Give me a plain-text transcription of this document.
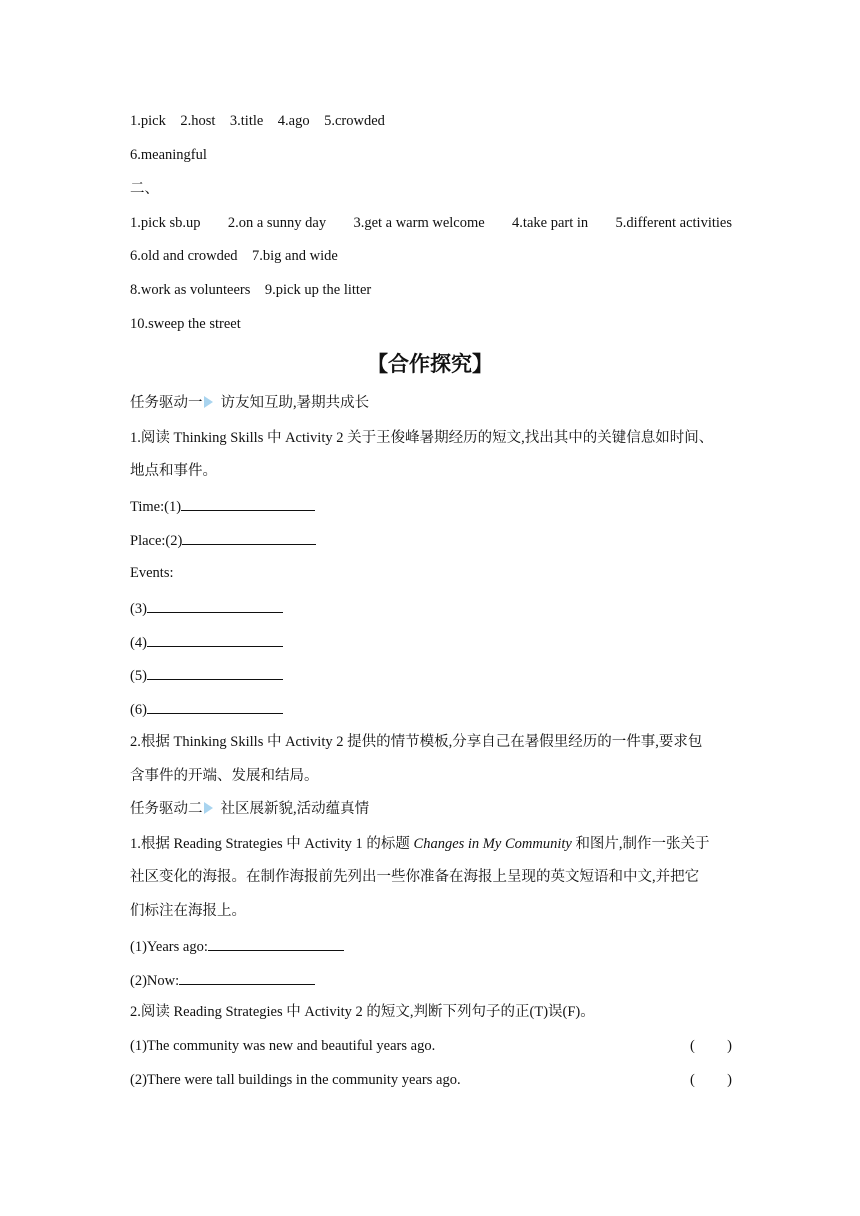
1.pick　2.host　3.title　4.ago　5.crowded
6.meaningful
二、
1.pick sb.up 2.on a sunny day 3.get a warm welcome 4.take part in 5.different activities
6.old and crowded　7.big and wide
8.work as volunteers　9.pick up the litter
10.sweep the street
【合作探究】
任务驱动一 访友知互助,暑期共成长
1.阅读 Thinking Skills 中 Activity 2 关于王俊峰暑期经历的短文,找出其中的关键信息如时间、
地点和事件。
Time:(1)
Place:(2)
Events:
(3)
(4)
(5)
(6)
2.根据 Thinking Skills 中 Activity 2 提供的情节模板,分享自己在暑假里经历的一件事,要求包
含事件的开端、发展和结局。
任务驱动二 社区展新貌,活动蕴真情
1.根据 Reading Strategies 中 Activity 1 的标题 Changes in My Community 和图片,制作一张关于
社区变化的海报。在制作海报前先列出一些你准备在海报上呈现的英文短语和中文,并把它
们标注在海报上。
(1)Years ago:
(2)Now:
2.阅读 Reading Strategies 中 Activity 2 的短文,判断下列句子的正(T)误(F)。
(1)The community was new and beautiful years ago.	( )
(2)There were tall buildings in the community years ago.	( )
